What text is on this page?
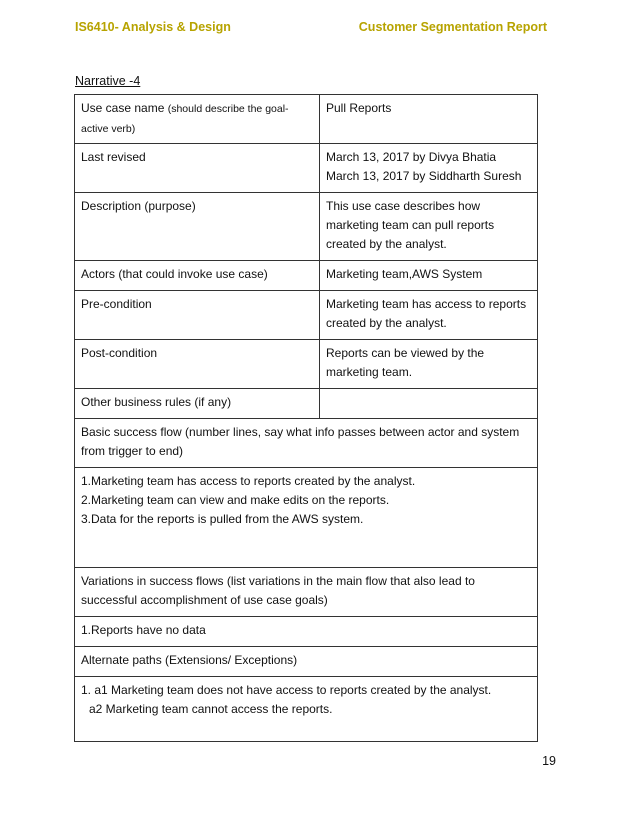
IS6410- Analysis & Design	Customer Segmentation Report
Narrative -4
Use case name (should describe the goal- active verb)	Pull Reports
Last revised	March 13, 2017 by Divya Bhatia
March 13, 2017 by Siddharth Suresh

Description (purpose)	This use case describes how marketing team can pull reports created by the analyst.
Actors (that could invoke use case)	Marketing team,AWS System
Pre-condition	Marketing team has access to reports created by the analyst.
Post-condition	Reports can be viewed by the marketing team.
Other business rules (if any)	
Basic success flow (number lines, say what info passes between actor and system from trigger to end)	

1.Marketing team has access to reports created by the analyst.
2.Marketing team can view and make edits on the reports.
3.Data for the reports is pulled from the AWS system.	

Variations in success flows (list variations in the main flow that also lead to successful accomplishment of use case goals)	

1.Reports have no data	

Alternate paths (Extensions/ Exceptions)	

1. a1 Marketing team does not have access to reports created by the analyst.
a2 Marketing team cannot access the reports.	
19
